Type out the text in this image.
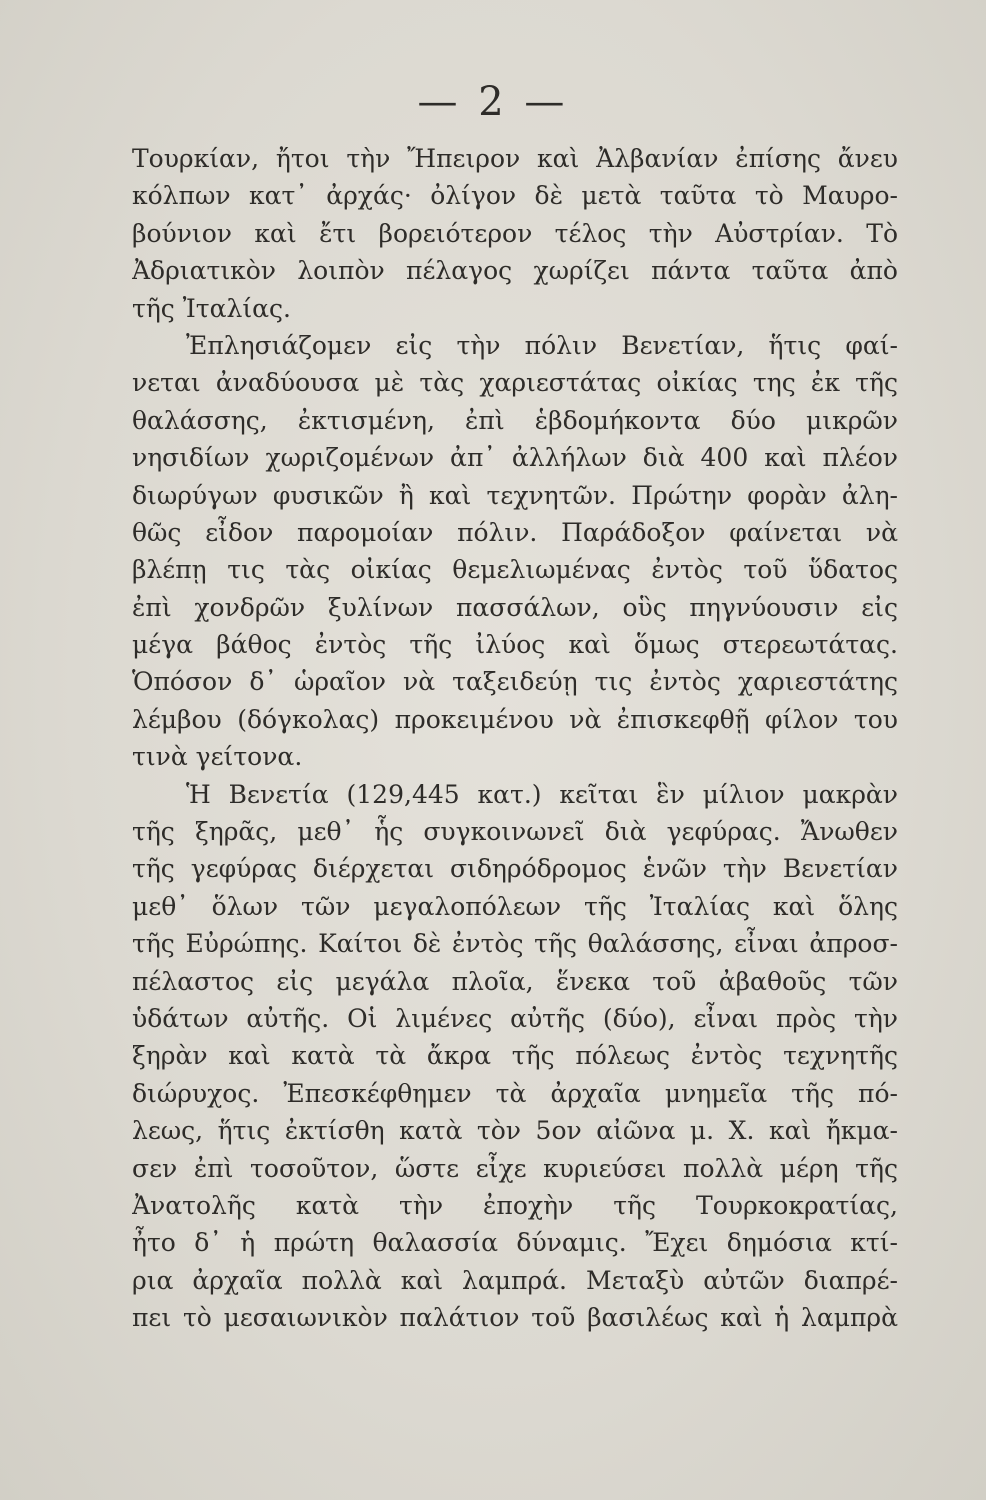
— 2 —
Τουρκίαν, ἤτοι τὴν Ἤπειρον καὶ Ἀλβανίαν ἐπίσης ἄνευ
κόλπων κατ᾽ ἀρχάς· ὀλίγον δὲ μετὰ ταῦτα τὸ Μαυρο-
βούνιον καὶ ἔτι βορειότερον τέλος τὴν Αὐστρίαν. Τὸ
Ἀδριατικὸν λοιπὸν πέλαγος χωρίζει πάντα ταῦτα ἀπὸ
τῆς Ἰταλίας.
Ἐπλησιάζομεν εἰς τὴν πόλιν Βενετίαν, ἥτις φαί-
νεται ἀναδύουσα μὲ τὰς χαριεστάτας οἰκίας της ἐκ τῆς
θαλάσσης, ἐκτισμένη, ἐπὶ ἑβδομήκοντα δύο μικρῶν
νησιδίων χωριζομένων ἀπ᾽ ἀλλήλων διὰ 400 καὶ πλέον
διωρύγων φυσικῶν ἢ καὶ τεχνητῶν. Πρώτην φορὰν ἀλη-
θῶς εἶδον παρομοίαν πόλιν. Παράδοξον φαίνεται νὰ
βλέπῃ τις τὰς οἰκίας θεμελιωμένας ἐντὸς τοῦ ὕδατος
ἐπὶ χονδρῶν ξυλίνων πασσάλων, οὓς πηγνύουσιν εἰς
μέγα βάθος ἐντὸς τῆς ἰλύος καὶ ὅμως στερεωτάτας.
Ὁπόσον δ᾽ ὡραῖον νὰ ταξειδεύῃ τις ἐντὸς χαριεστάτης
λέμβου (δόγκολας) προκειμένου νὰ ἐπισκεφθῇ φίλον του
τινὰ γείτονα.
Ἡ Βενετία (129,445 κατ.) κεῖται ἓν μίλιον μακρὰν
τῆς ξηρᾶς, μεθ᾽ ἧς συγκοινωνεῖ διὰ γεφύρας. Ἄνωθεν
τῆς γεφύρας διέρχεται σιδηρόδρομος ἑνῶν τὴν Βενετίαν
μεθ᾽ ὅλων τῶν μεγαλοπόλεων τῆς Ἰταλίας καὶ ὅλης
τῆς Εὐρώπης. Καίτοι δὲ ἐντὸς τῆς θαλάσσης, εἶναι ἀπροσ-
πέλαστος εἰς μεγάλα πλοῖα, ἕνεκα τοῦ ἀβαθοῦς τῶν
ὑδάτων αὐτῆς. Οἱ λιμένες αὐτῆς (δύο), εἶναι πρὸς τὴν
ξηρὰν καὶ κατὰ τὰ ἄκρα τῆς πόλεως ἐντὸς τεχνητῆς
διώρυχος. Ἐπεσκέφθημεν τὰ ἀρχαῖα μνημεῖα τῆς πό-
λεως, ἥτις ἐκτίσθη κατὰ τὸν 5ον αἰῶνα μ. Χ. καὶ ἤκμα-
σεν ἐπὶ τοσοῦτον, ὥστε εἶχε κυριεύσει πολλὰ μέρη τῆς
Ἀνατολῆς κατὰ τὴν ἐποχὴν τῆς Τουρκοκρατίας,
ἦτο δ᾽ ἡ πρώτη θαλασσία δύναμις. Ἔχει δημόσια κτί-
ρια ἀρχαῖα πολλὰ καὶ λαμπρά. Μεταξὺ αὐτῶν διαπρέ-
πει τὸ μεσαιωνικὸν παλάτιον τοῦ βασιλέως καὶ ἡ λαμπρὰ
